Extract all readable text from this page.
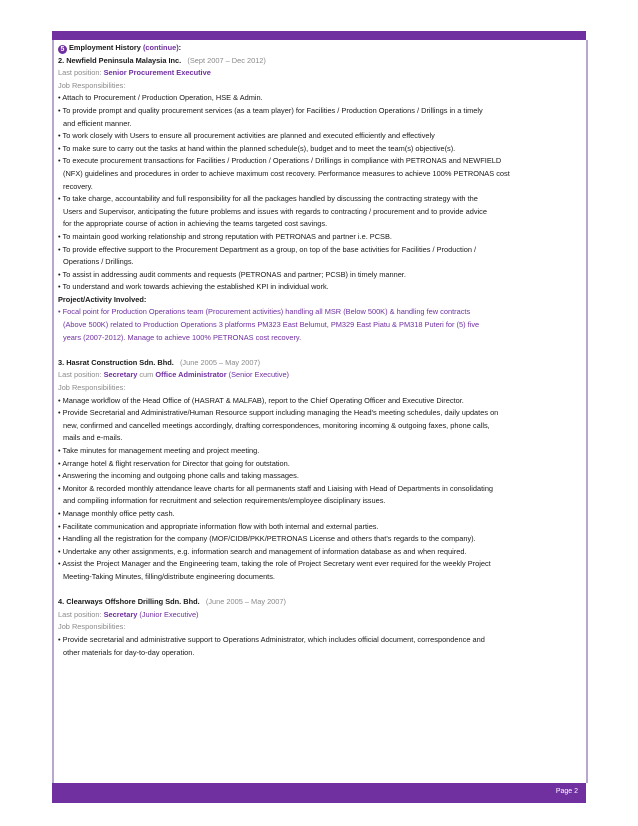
5 Employment History (continue):
2. Newfield Peninsula Malaysia Inc. (Sept 2007 – Dec 2012)
Last position: Senior Procurement Executive
Job Responsibilities:
• Attach to Procurement / Production Operation, HSE & Admin.
• To provide prompt and quality procurement services (as a team player) for Facilities / Production Operations / Drillings in a timely
and efficient manner.
• To work closely with Users to ensure all procurement activities are planned and executed efficiently and effectively
• To make sure to carry out the tasks at hand within the planned schedule(s), budget and to meet the team(s) objective(s).
• To execute procurement transactions for Facilities / Production / Operations / Drillings in compliance with PETRONAS and NEWFIELD
(NFX) guidelines and procedures in order to achieve maximum cost recovery. Performance measures to achieve 100% PETRONAS cost
recovery.
• To take charge, accountability and full responsibility for all the packages handled by discussing the contracting strategy with the
Users and Supervisor, anticipating the future problems and issues with regards to contracting / procurement and to provide advice
for the appropriate course of action in achieving the teams targeted cost savings.
• To maintain good working relationship and strong reputation with PETRONAS and partner i.e. PCSB.
• To provide effective support to the Procurement Department as a group, on top of the base activities for Facilities / Production /
Operations / Drillings.
• To assist in addressing audit comments and requests (PETRONAS and partner; PCSB) in timely manner.
• To understand and work towards achieving the established KPI in individual work.
Project/Activity Involved:
• Focal point for Production Operations team (Procurement activities) handling all MSR (Below 500K) & handling few contracts
(Above 500K) related to Production Operations 3 platforms PM323 East Belumut, PM329 East Piatu & PM318 Puteri for (5) five
years (2007-2012). Manage to achieve 100% PETRONAS cost recovery.
3. Hasrat Construction Sdn. Bhd. (June 2005 – May 2007)
Last position: Secretary cum Office Administrator (Senior Executive)
Job Responsibilities:
• Manage workflow of the Head Office of (HASRAT & MALFAB), report to the Chief Operating Officer and Executive Director.
• Provide Secretarial and Administrative/Human Resource support including managing the Head's meeting schedules, daily updates on
new, confirmed and cancelled meetings accordingly, drafting correspondences, monitoring incoming & outgoing faxes, phone calls,
mails and e-mails.
• Take minutes for management meeting and project meeting.
• Arrange hotel & flight reservation for Director that going for outstation.
• Answering the incoming and outgoing phone calls and taking massages.
• Monitor & recorded monthly attendance leave charts for all permanents staff and Liaising with Head of Departments in consolidating
and compiling information for recruitment and selection requirements/employee disciplinary issues.
• Manage monthly office petty cash.
• Facilitate communication and appropriate information flow with both internal and external parties.
• Handling all the registration for the company (MOF/CIDB/PKK/PETRONAS License and others that's regards to the company).
• Undertake any other assignments, e.g. information search and management of information database as and when required.
• Assist the Project Manager and the Engineering team, taking the role of Project Secretary went ever required for the weekly Project
Meeting-Taking Minutes, filling/distribute engineering documents.
4. Clearways Offshore Drilling Sdn. Bhd. (June 2005 – May 2007)
Last position: Secretary (Junior Executive)
Job Responsibilities:
• Provide secretarial and administrative support to Operations Administrator, which includes official document, correspondence and
other materials for day-to-day operation.
Page 2
